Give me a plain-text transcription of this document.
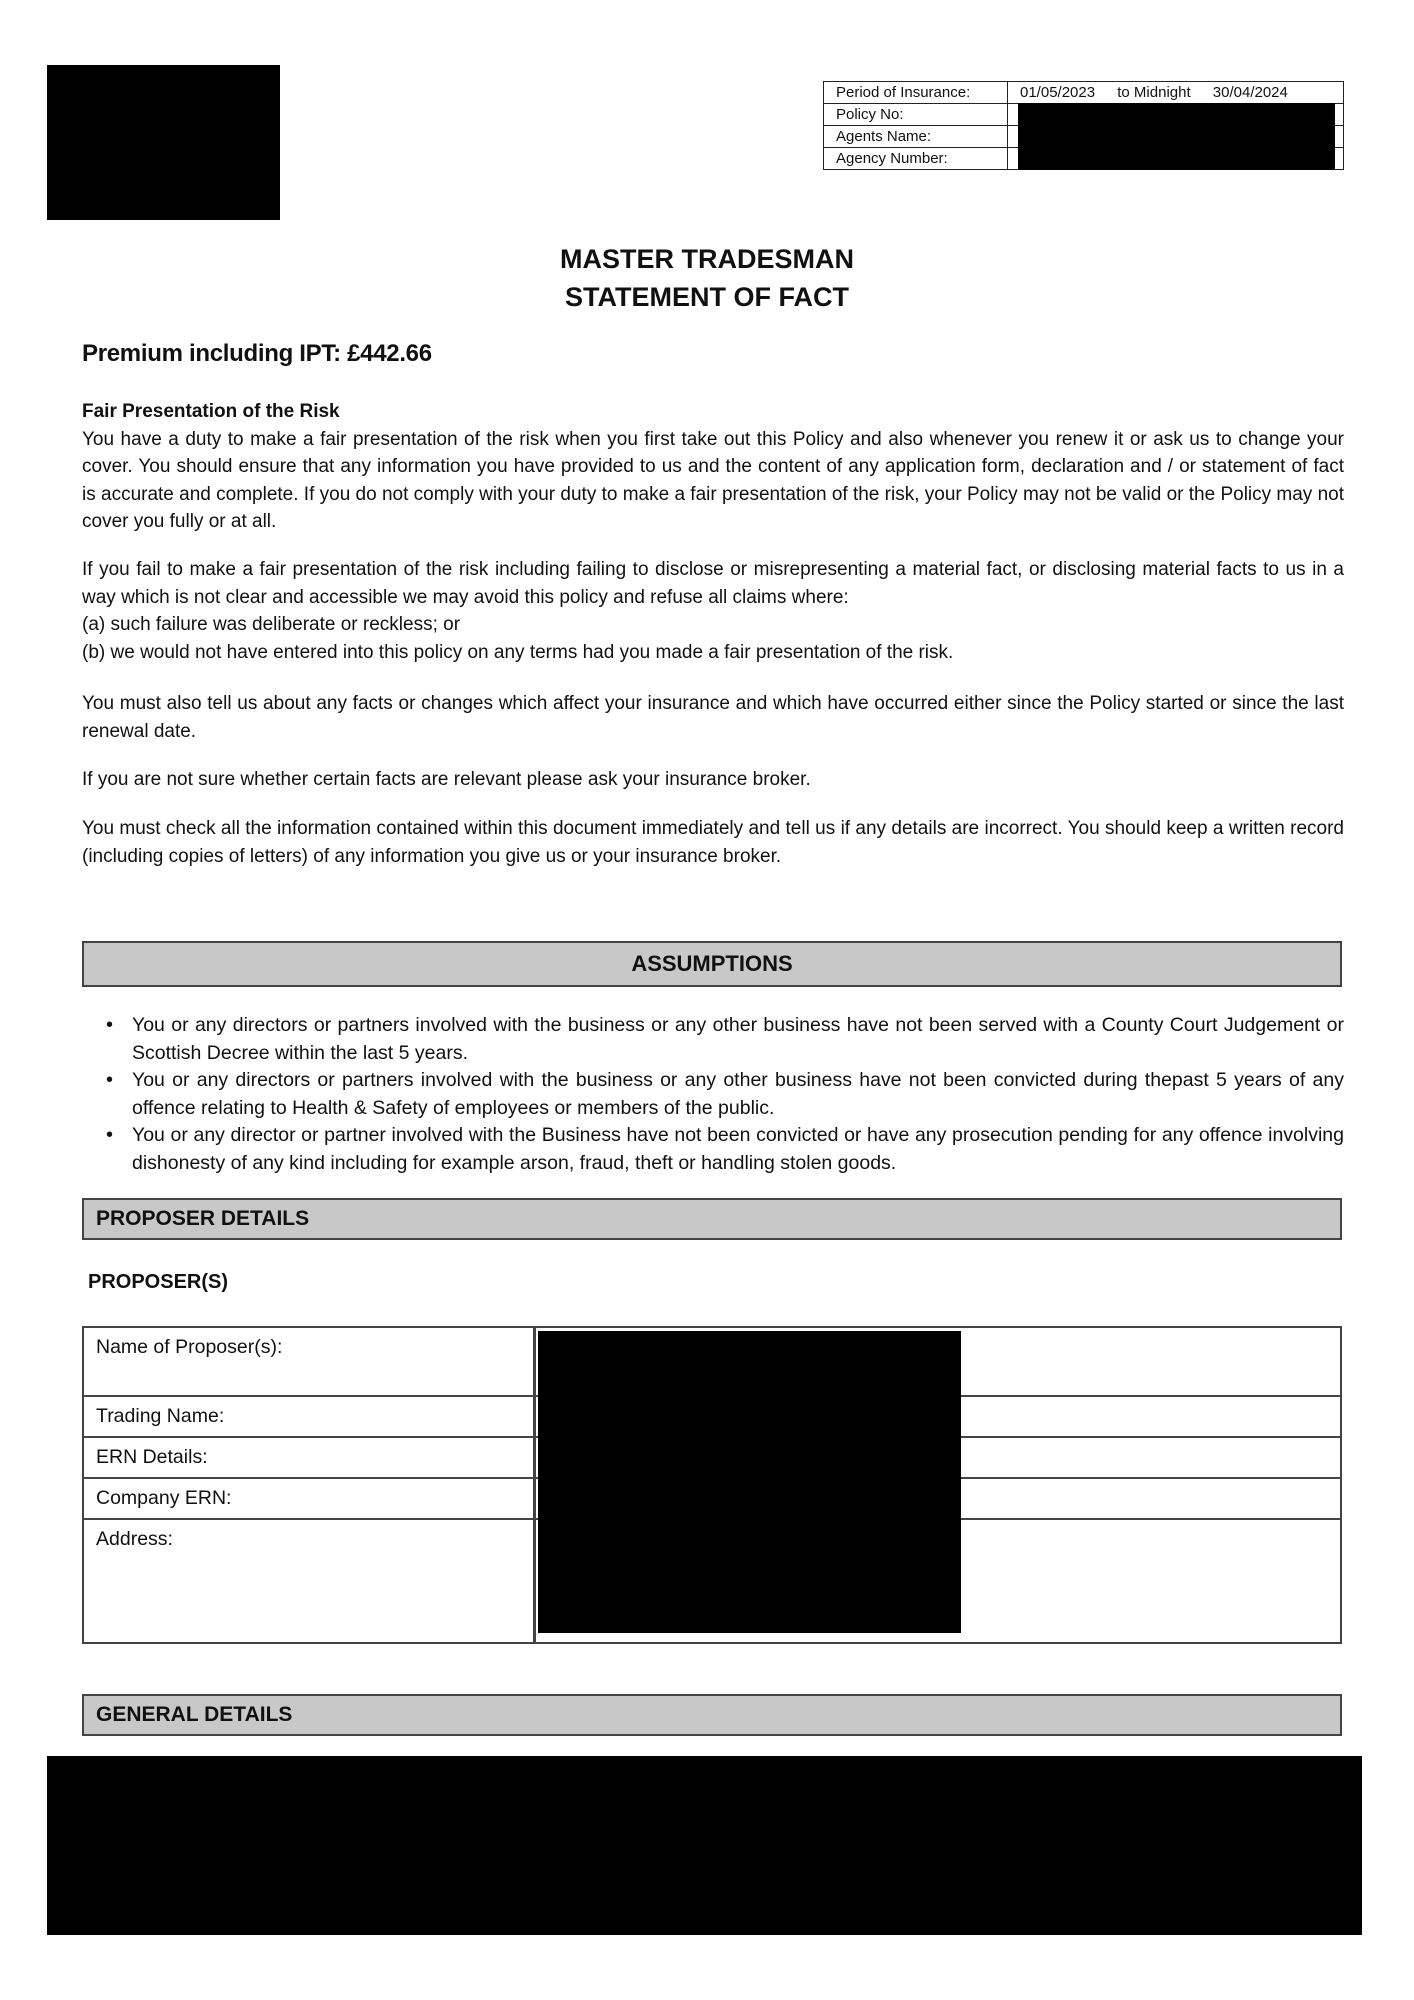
Period of Insurance:	01/05/2023 to Midnight 30/04/2024
Policy No:	

Agents Name:	

Agency Number:	
MASTER TRADESMAN
STATEMENT OF FACT
Premium including IPT: £442.66

Fair Presentation of the Risk

You have a duty to make a fair presentation of the risk when you first take out this Policy and also whenever you renew it or ask us to change your cover. You should ensure that any information you have provided to us and the content of any application form, declaration and / or statement of fact is accurate and complete. If you do not comply with your duty to make a fair presentation of the risk, your Policy may not be valid or the Policy may not cover you fully or at all.

If you fail to make a fair presentation of the risk including failing to disclose or misrepresenting a material fact, or disclosing material facts to us in a way which is not clear and accessible we may avoid this policy and refuse all claims where:

(a) such failure was deliberate or reckless; or

(b) we would not have entered into this policy on any terms had you made a fair presentation of the risk.

You must also tell us about any facts or changes which affect your insurance and which have occurred either since the Policy started or since the last renewal date.

If you are not sure whether certain facts are relevant please ask your insurance broker.

You must check all the information contained within this document immediately and tell us if any details are incorrect. You should keep a written record (including copies of letters) of any information you give us or your insurance broker.

ASSUMPTIONS
• You or any directors or partners involved with the business or any other business have not been served with a County Court Judgement or Scottish Decree within the last 5 years.
• You or any directors or partners involved with the business or any other business have not been convicted during thepast 5 years of any offence relating to Health & Safety of employees or members of the public.
• You or any director or partner involved with the Business have not been convicted or have any prosecution pending for any offence involving dishonesty of any kind including for example arson, fraud, theft or handling stolen goods.
PROPOSER DETAILS
PROPOSER(S)
Name of Proposer(s):	
Trading Name:	
ERN Details:	
Company ERN:	
Address:	
GENERAL DETAILS
